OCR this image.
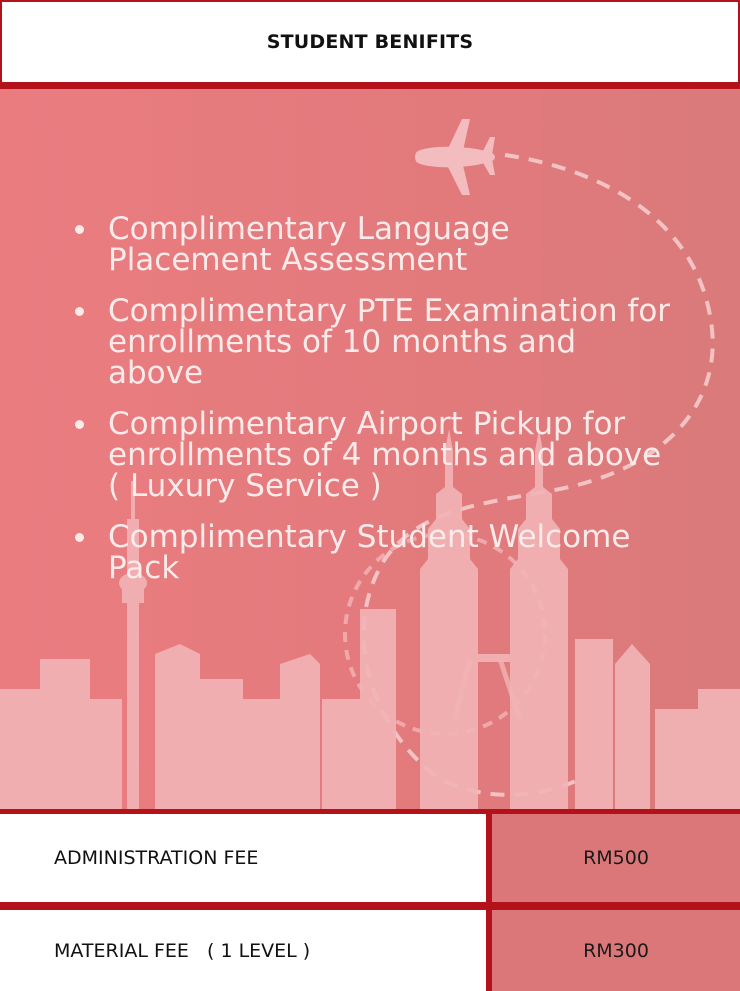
STUDENT BENIFITS
Complimentary Language
Placement Assessment
Complimentary PTE Examination for
enrollments of 10 months and
above
Complimentary Airport Pickup for
enrollments of 4 months and above
( Luxury Service )
Complimentary Student Welcome
Pack
ADMINISTRATION FEE	RM500
MATERIAL FEE   ( 1 LEVEL )	RM300
